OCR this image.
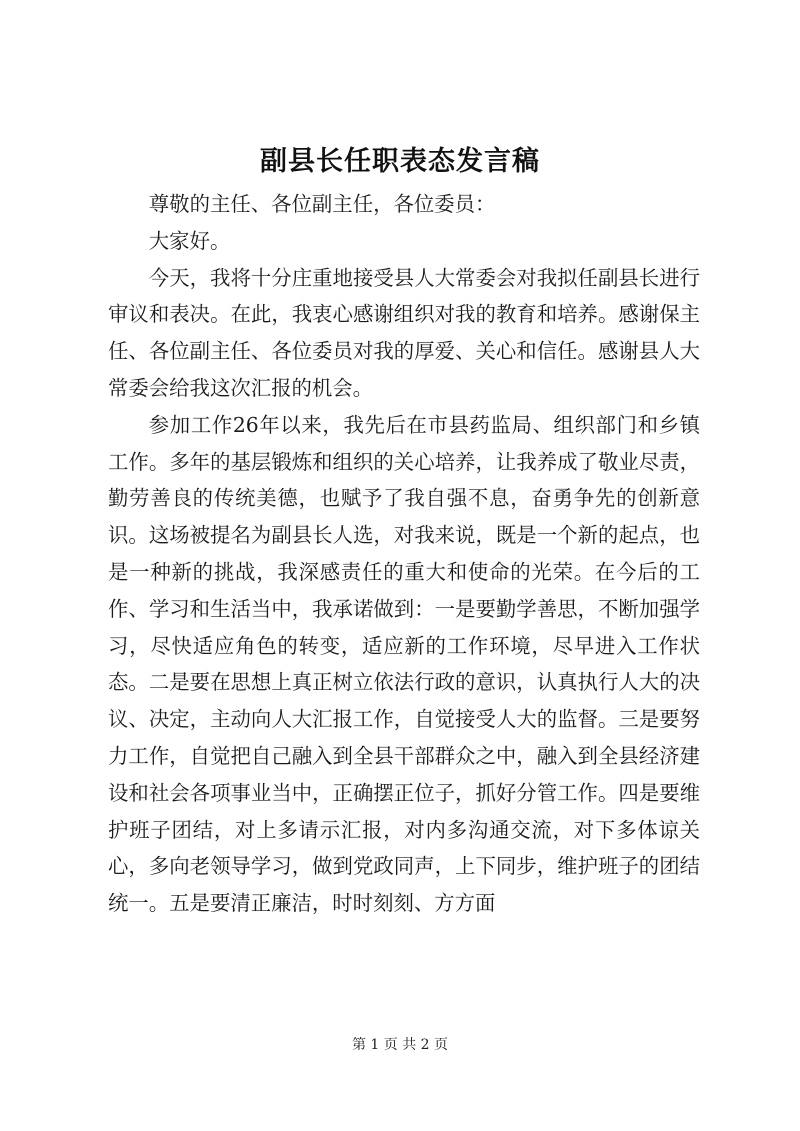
副县长任职表态发言稿

尊敬的主任、各位副主任，各位委员：

大家好。

今天，我将十分庄重地接受县人大常委会对我拟任副县长进行审议和表决。在此，我衷心感谢组织对我的教育和培养。感谢保主任、各位副主任、各位委员对我的厚爱、关心和信任。感谢县人大常委会给我这次汇报的机会。

参加工作26年以来，我先后在市县药监局、组织部门和乡镇工作。多年的基层锻炼和组织的关心培养，让我养成了敬业尽责，勤劳善良的传统美德，也赋予了我自强不息，奋勇争先的创新意识。这场被提名为副县长人选，对我来说，既是一个新的起点，也是一种新的挑战，我深感责任的重大和使命的光荣。在今后的工作、学习和生活当中，我承诺做到：一是要勤学善思，不断加强学习，尽快适应角色的转变，适应新的工作环境，尽早进入工作状态。二是要在思想上真正树立依法行政的意识，认真执行人大的决议、决定，主动向人大汇报工作，自觉接受人大的监督。三是要努力工作，自觉把自己融入到全县干部群众之中，融入到全县经济建设和社会各项事业当中，正确摆正位子，抓好分管工作。四是要维护班子团结，对上多请示汇报，对内多沟通交流，对下多体谅关心，多向老领导学习，做到党政同声，上下同步，维护班子的团结统一。五是要清正廉洁，时时刻刻、方方面

第 1 页 共 2 页
